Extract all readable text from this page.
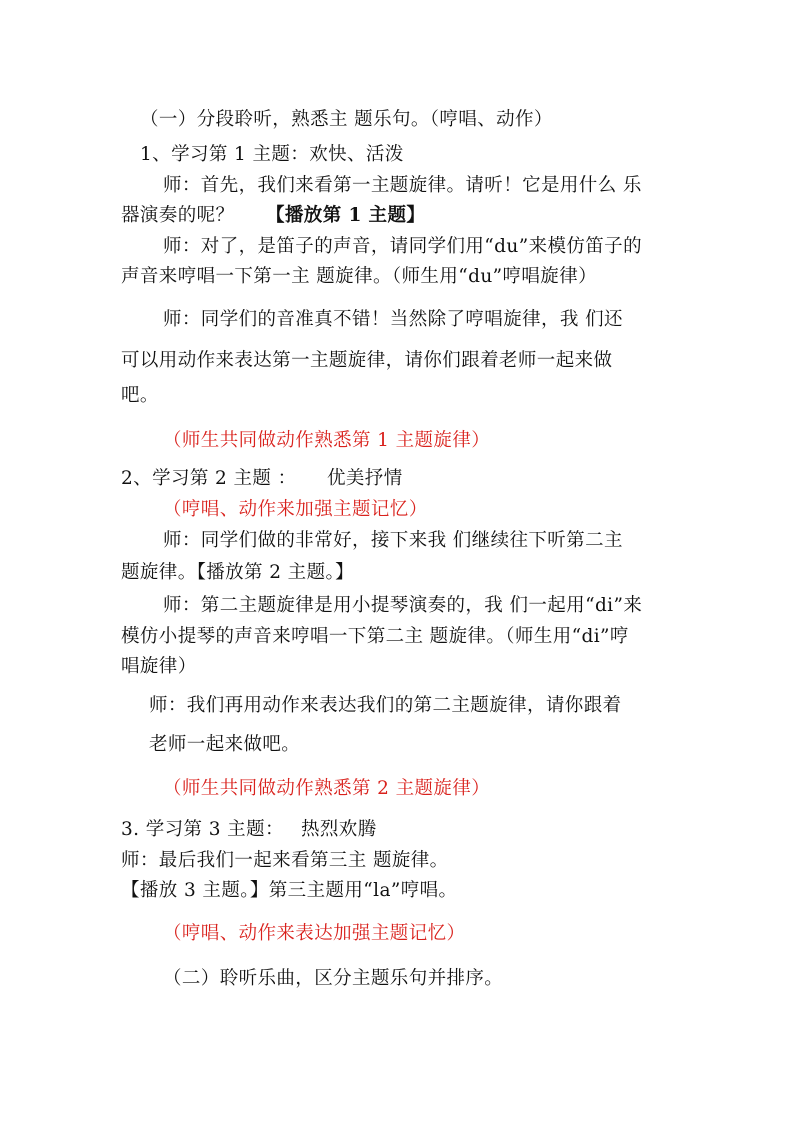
（一）分段聆听，熟悉主 题乐句。（哼唱、动作）
1、学习第 1 主题：欢快、活泼
师：首先，我们来看第一主题旋律。请听！它是用什么 乐
器演奏的呢？ 【播放第 1 主题】
师：对了，是笛子的声音，请同学们用“du”来模仿笛子的
声音来哼唱一下第一主 题旋律。（师生用“du”哼唱旋律）
师：同学们的音准真不错！当然除了哼唱旋律，我 们还
可以用动作来表达第一主题旋律，请你们跟着老师一起来做
吧。
（师生共同做动作熟悉第 1 主题旋律）
2、学习第 2 主题 ： 优美抒情
（哼唱、动作来加强主题记忆）
师：同学们做的非常好，接下来我 们继续往下听第二主
题旋律。【播放第 2 主题。】
师：第二主题旋律是用小提琴演奏的，我 们一起用“di”来
模仿小提琴的声音来哼唱一下第二主 题旋律。（师生用“di”哼
唱旋律）
师：我们再用动作来表达我们的第二主题旋律，请你跟着
老师一起来做吧。
（师生共同做动作熟悉第 2 主题旋律）
3. 学习第 3 主题： 热烈欢腾
师：最后我们一起来看第三主 题旋律。
【播放 3 主题。】第三主题用“la”哼唱。
（哼唱、动作来表达加强主题记忆）
（二）聆听乐曲，区分主题乐句并排序。
